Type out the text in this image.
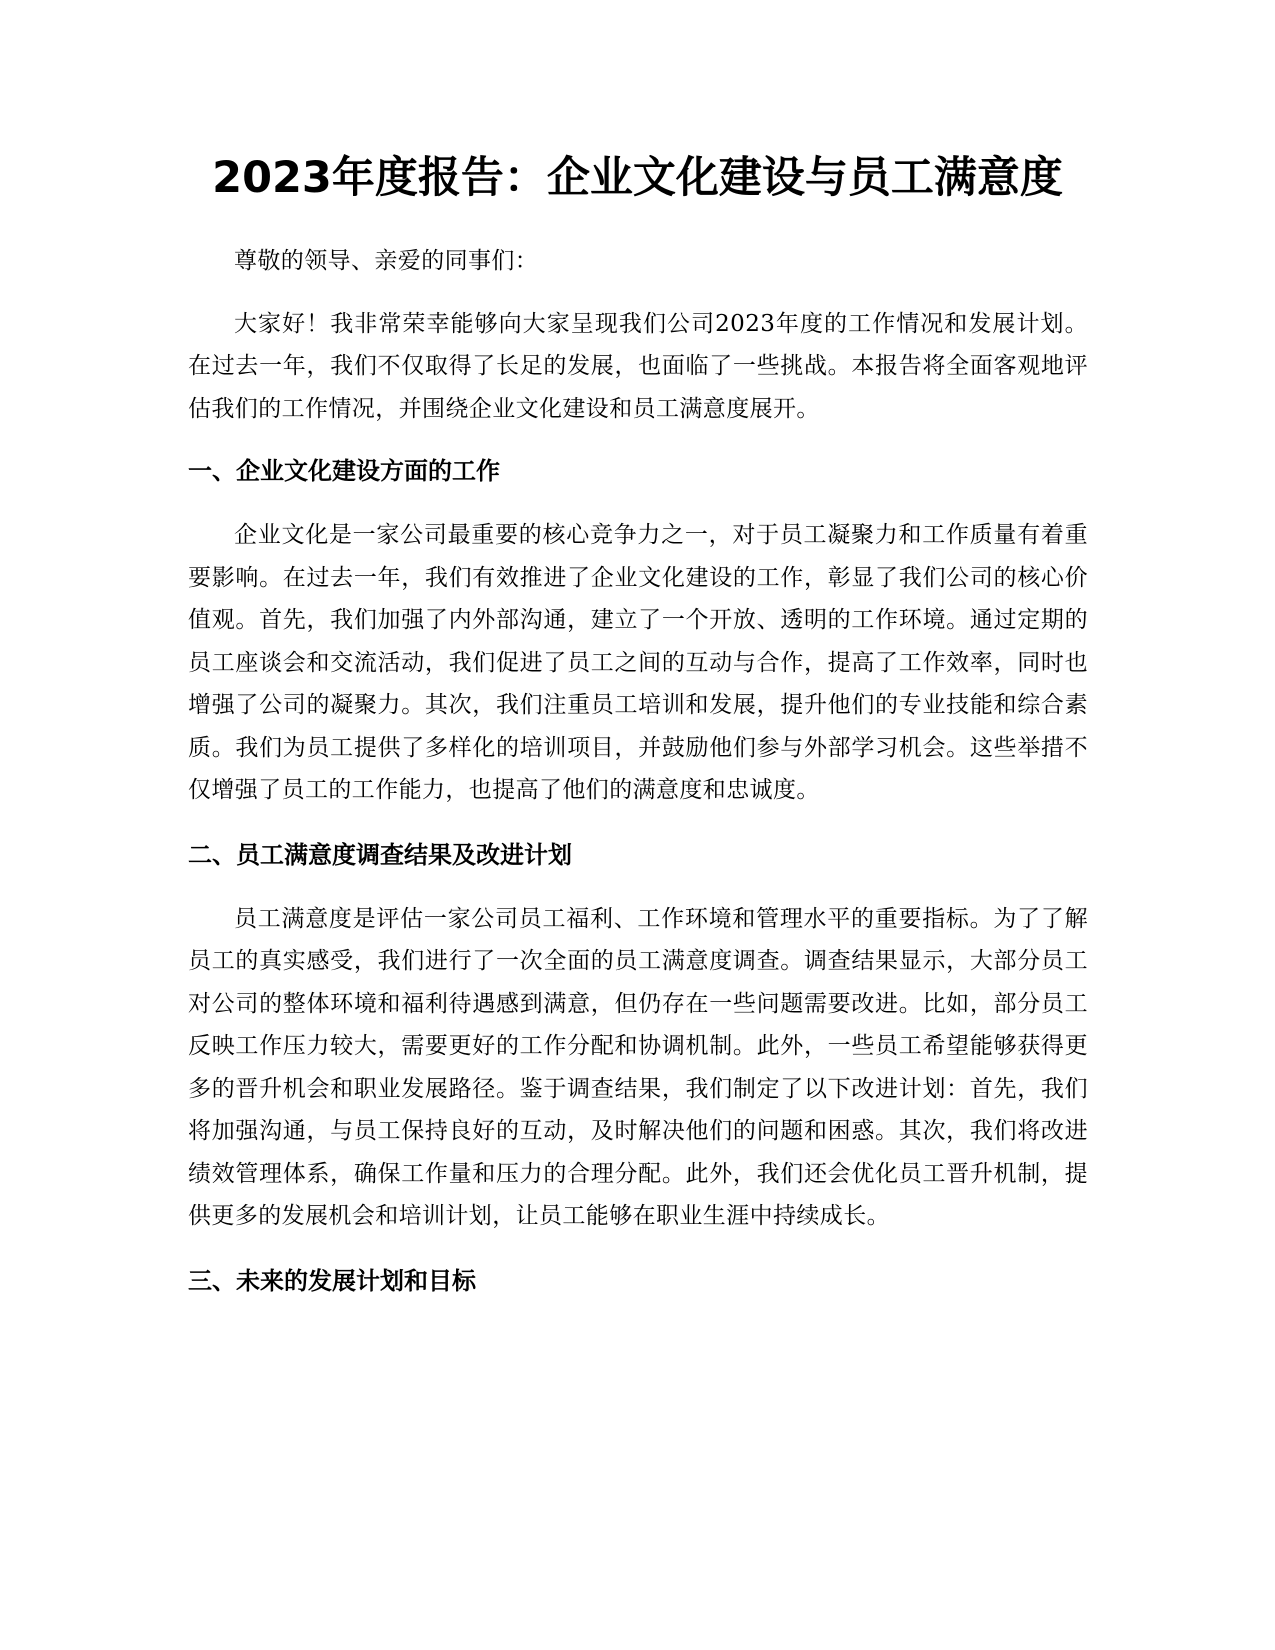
2023年度报告：企业文化建设与员工满意度

尊敬的领导、亲爱的同事们：

大家好！我非常荣幸能够向大家呈现我们公司2023年度的工作情况和发展计划。在过去一年，我们不仅取得了长足的发展，也面临了一些挑战。本报告将全面客观地评估我们的工作情况，并围绕企业文化建设和员工满意度展开。

一、企业文化建设方面的工作

企业文化是一家公司最重要的核心竞争力之一，对于员工凝聚力和工作质量有着重要影响。在过去一年，我们有效推进了企业文化建设的工作，彰显了我们公司的核心价值观。首先，我们加强了内外部沟通，建立了一个开放、透明的工作环境。通过定期的员工座谈会和交流活动，我们促进了员工之间的互动与合作，提高了工作效率，同时也增强了公司的凝聚力。其次，我们注重员工培训和发展，提升他们的专业技能和综合素质。我们为员工提供了多样化的培训项目，并鼓励他们参与外部学习机会。这些举措不仅增强了员工的工作能力，也提高了他们的满意度和忠诚度。

二、员工满意度调查结果及改进计划

员工满意度是评估一家公司员工福利、工作环境和管理水平的重要指标。为了了解员工的真实感受，我们进行了一次全面的员工满意度调查。调查结果显示，大部分员工对公司的整体环境和福利待遇感到满意，但仍存在一些问题需要改进。比如，部分员工反映工作压力较大，需要更好的工作分配和协调机制。此外，一些员工希望能够获得更多的晋升机会和职业发展路径。鉴于调查结果，我们制定了以下改进计划：首先，我们将加强沟通，与员工保持良好的互动，及时解决他们的问题和困惑。其次，我们将改进绩效管理体系，确保工作量和压力的合理分配。此外，我们还会优化员工晋升机制，提供更多的发展机会和培训计划，让员工能够在职业生涯中持续成长。

三、未来的发展计划和目标
